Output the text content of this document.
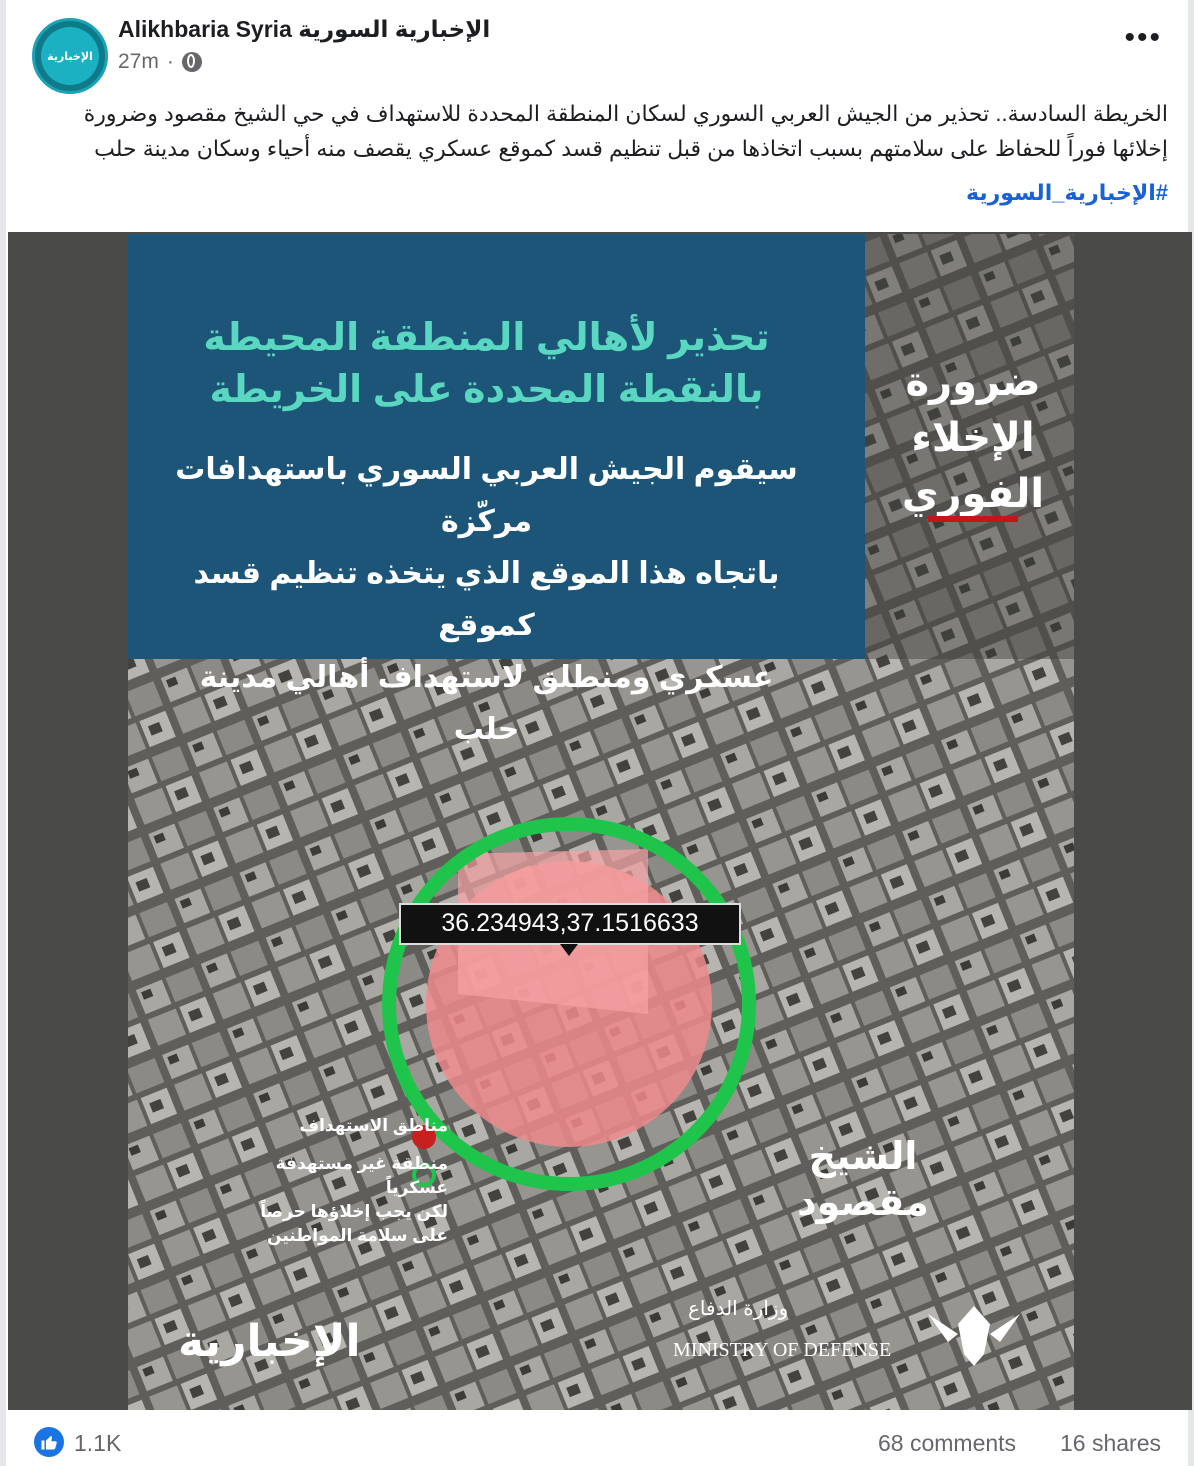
الإخبارية
Alikhbaria Syria الإخبارية السورية
27m ·
•••
الخريطة السادسة.. تحذير من الجيش العربي السوري لسكان المنطقة المحددة للاستهداف في حي الشيخ مقصود وضرورة إخلائها فوراً للحفاظ على سلامتهم بسبب اتخاذها من قبل تنظيم قسد كموقع عسكري يقصف منه أحياء وسكان مدينة حلب
#الإخبارية_السورية
36.234943,37.1516633
تحذير لأهالي المنطقة المحيطة
بالنقطة المحددة على الخريطة
سيقوم الجيش العربي السوري باستهدافات مركّزة
باتجاه هذا الموقع الذي يتخذه تنظيم قسد كموقع
عسكري ومنطلق لاستهداف أهالي مدينة حلب
ضرورة
الإخلاء
الفوري
مناطق الاستهداف
منطقة غير مستهدفة عسكرياً
لكن يجب إخلاؤها حرصاً
على سلامة المواطنين
الشيخ
مقصود
الإخبارية
وزارة الدفاع
MINISTRY OF DEFENSE
1.1K	68 comments 16 shares
